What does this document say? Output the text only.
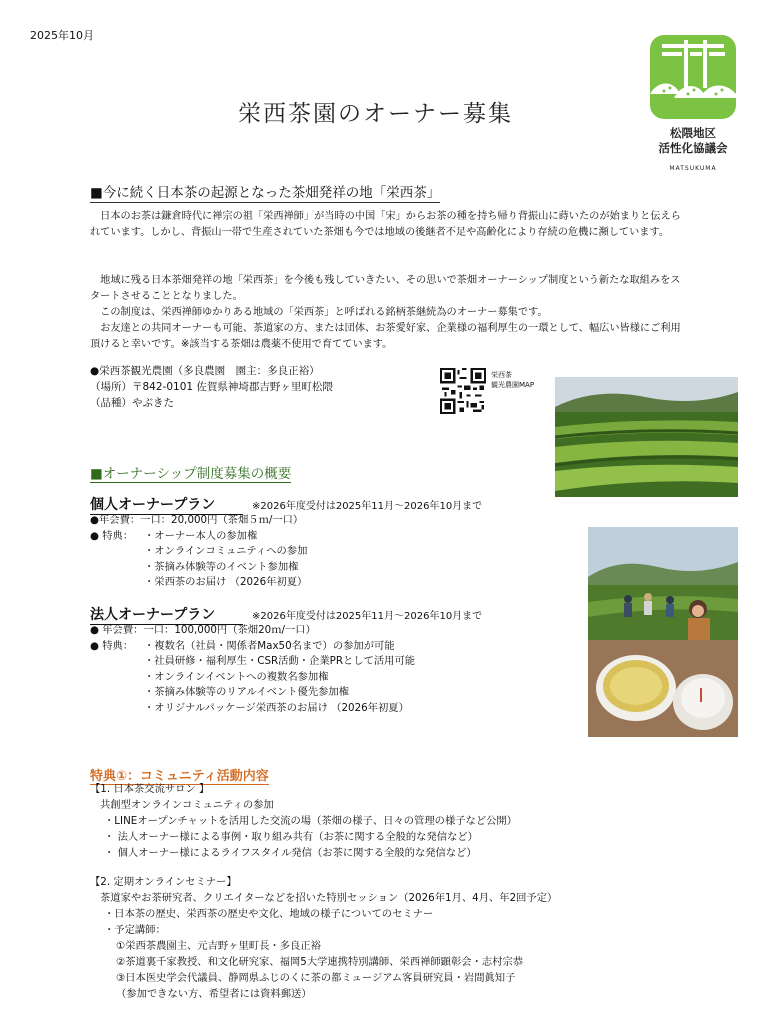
2025年10月
栄西茶園のオーナー募集
松隈地区
活性化協議会
MATSUKUMA
■今に続く日本茶の起源となった茶畑発祥の地「栄西茶」

　日本のお茶は鎌倉時代に禅宗の祖「栄西禅師」が当時の中国「宋」からお茶の種を持ち帰り背振山に蒔いたのが始まりと伝えられています。しかし、背振山一帯で生産されていた茶畑も今では地域の後継者不足や高齢化により存続の危機に瀕しています。

　地域に残る日本茶畑発祥の地「栄西茶」を今後も残していきたい、その思いで茶畑オーナーシップ制度という新たな取組みをスタートさせることとなりました。

　この制度は、栄西禅師ゆかりある地域の「栄西茶」と呼ばれる銘柄茶継続為のオーナー募集です。

　お友達との共同オーナーも可能、茶道家の方、または団体、お茶愛好家、企業様の福利厚生の一環として、幅広い皆様にご利用頂けると幸いです。※該当する茶畑は農薬不使用で育てています。

●栄西茶観光農園（多良農園　園主：多良正裕）
（場所）〒842-0101 佐賀県神埼郡吉野ヶ里町松隈
（品種）やぶきた
栄西茶
観光農園MAP
■オーナーシップ制度募集の概要
個人オーナープラン	※2026年度受付は2025年11月～2026年10月まで
●年会費：一口：20,000円（茶畑５ｍ/一口）
● 特典：	・オーナー本人の参加権
・オンラインコミュニティへの参加
・茶摘み体験等のイベント参加権
・栄西茶のお届け （2026年初夏）
法人オーナープラン	※2026年度受付は2025年11月～2026年10月まで
● 年会費：一口：100,000円（茶畑20ｍ/一口）
● 特典：	・複数名（社員・関係者Max50名まで）の参加が可能
・社員研修・福利厚生・CSR活動・企業PRとして活用可能
・オンラインイベントへの複数名参加権
・茶摘み体験等のリアルイベント優先参加権
・オリジナルパッケージ栄西茶のお届け （2026年初夏）
特典①：コミュニティ活動内容
【1. 日本茶交流サロン 】
共創型オンラインコミュニティの参加
・LINEオープンチャットを活用した交流の場（茶畑の様子、日々の管理の様子など公開）
・ 法人オーナー様による事例・取り組み共有（お茶に関する全般的な発信など）
・ 個人オーナー様によるライフスタイル発信（お茶に関する全般的な発信など）
【2. 定期オンラインセミナー】
茶道家やお茶研究者、クリエイターなどを招いた特別セッション（2026年1月、4月、年2回予定）
・日本茶の歴史、栄西茶の歴史や文化、地域の様子についてのセミナー
・予定講師：
①栄西茶農園主、元吉野ヶ里町長・多良正裕
②茶道裏千家教授、和文化研究家、福岡5大学連携特別講師、栄西禅師顕彰会・志村宗恭
③日本医史学会代議員、静岡県ふじのくに茶の都ミュージアム客員研究員・岩間眞知子
（参加できない方、希望者には資料郵送）
